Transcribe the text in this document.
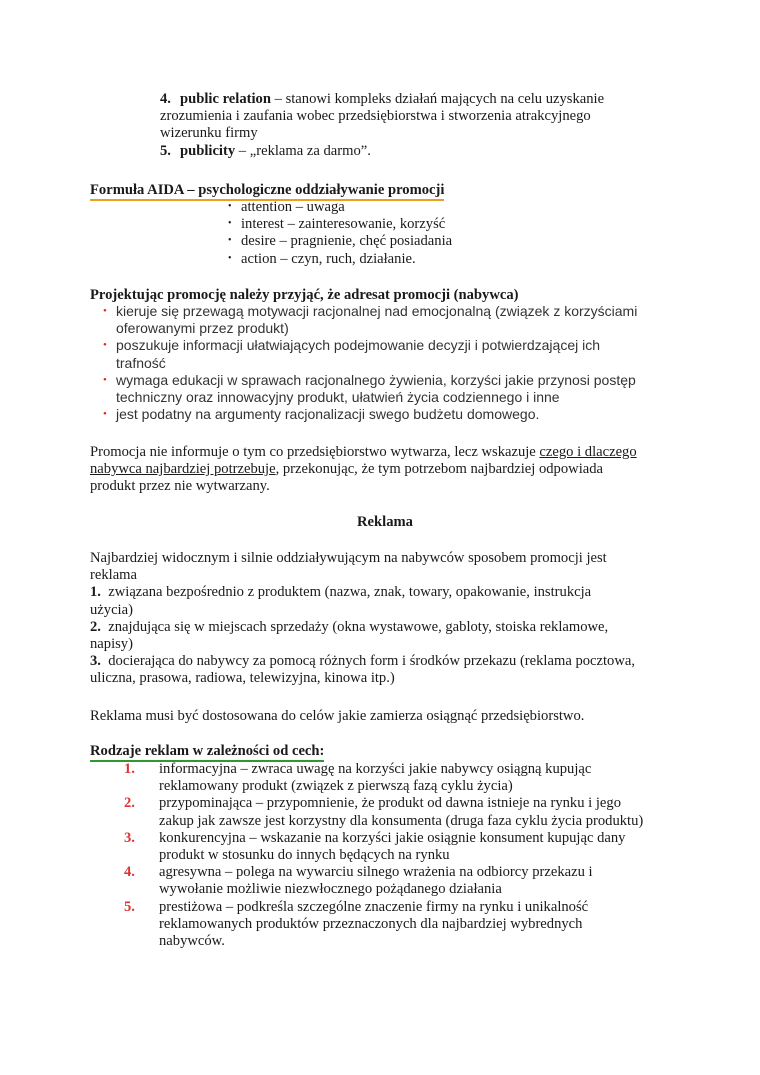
4. public relation – stanowi kompleks działań mających na celu uzyskanie
zrozumienia i zaufania wobec przedsiębiorstwa i stworzenia atrakcyjnego
wizerunku firmy
5. publicity – „reklama za darmo”.
Formuła AIDA – psychologiczne oddziaływanie promocji
• attention – uwaga
• interest – zainteresowanie, korzyść
• desire – pragnienie, chęć posiadania
• action – czyn, ruch, działanie.
Projektując promocję należy przyjąć, że adresat promocji (nabywca)
• kieruje się przewagą motywacji racjonalnej nad emocjonalną (związek z korzyściami
oferowanymi przez produkt)
• poszukuje informacji ułatwiających podejmowanie decyzji i potwierdzającej ich
trafność
• wymaga edukacji w sprawach racjonalnego żywienia, korzyści jakie przynosi postęp
techniczny oraz innowacyjny produkt, ułatwień życia codziennego i inne
• jest podatny na argumenty racjonalizacji swego budżetu domowego.
Promocja nie informuje o tym co przedsiębiorstwo wytwarza, lecz wskazuje czego i dlaczego
nabywca najbardziej potrzebuje, przekonując, że tym potrzebom najbardziej odpowiada
produkt przez nie wytwarzany.
Reklama
Najbardziej widocznym i silnie oddziaływującym na nabywców sposobem promocji jest
reklama
1. związana bezpośrednio z produktem (nazwa, znak, towary, opakowanie, instrukcja
użycia)
2. znajdująca się w miejscach sprzedaży (okna wystawowe, gabloty, stoiska reklamowe,
napisy)
3. docierająca do nabywcy za pomocą różnych form i środków przekazu (reklama pocztowa,
uliczna, prasowa, radiowa, telewizyjna, kinowa itp.)
Reklama musi być dostosowana do celów jakie zamierza osiągnąć przedsiębiorstwo.
Rodzaje reklam w zależności od cech:
1. informacyjna – zwraca uwagę na korzyści jakie nabywcy osiągną kupując
reklamowany produkt (związek z pierwszą fazą cyklu życia)
2. przypominająca – przypomnienie, że produkt od dawna istnieje na rynku i jego
zakup jak zawsze jest korzystny dla konsumenta (druga faza cyklu życia produktu)
3. konkurencyjna – wskazanie na korzyści jakie osiągnie konsument kupując dany
produkt w stosunku do innych będących na rynku
4. agresywna – polega na wywarciu silnego wrażenia na odbiorcy przekazu i
wywołanie możliwie niezwłocznego pożądanego działania
5. prestiżowa – podkreśla szczególne znaczenie firmy na rynku i unikalność
reklamowanych produktów przeznaczonych dla najbardziej wybrednych
nabywców.
